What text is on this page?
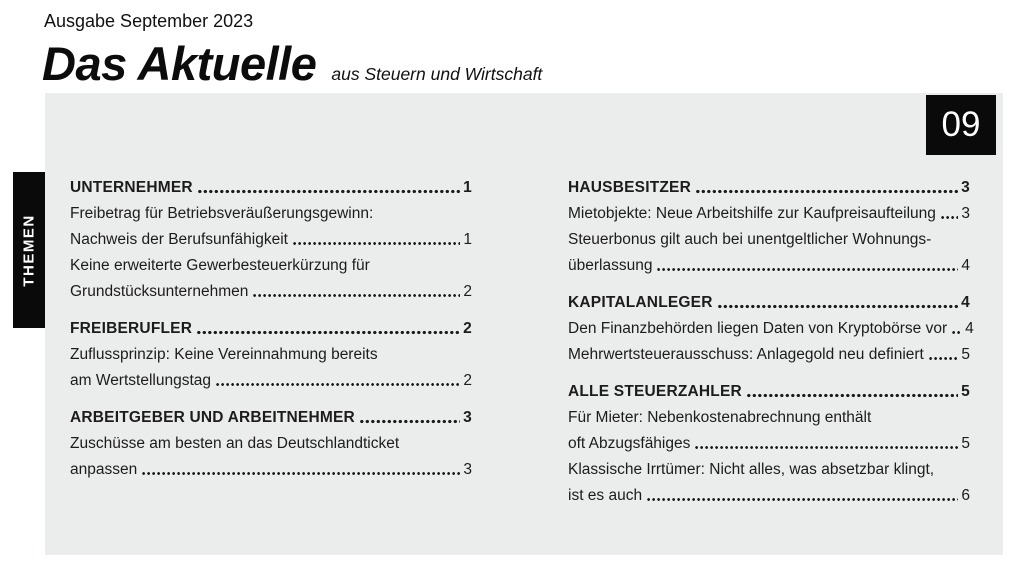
Ausgabe September 2023
Das Aktuelle aus Steuern und Wirtschaft
UNTERNEHMER	1
Freibetrag für Betriebsveräußerungsgewinn:
Nachweis der Berufsunfähigkeit	1
Keine erweiterte Gewerbesteuerkürzung für
Grundstücksunternehmen	2
FREIBERUFLER	2
Zuflussprinzip: Keine Vereinnahmung bereits
am Wertstellungstag	2
ARBEITGEBER UND ARBEITNEHMER	3
Zuschüsse am besten an das Deutschlandticket
anpassen	3
HAUSBESITZER	3
Mietobjekte: Neue Arbeitshilfe zur Kaufpreisaufteilung 3
Steuerbonus gilt auch bei unentgeltlicher Wohnungs-
überlassung	4
KAPITALANLEGER	4
Den Finanzbehörden liegen Daten von Kryptobörse vor 4
Mehrwertsteuerausschuss: Anlagegold neu definiert 5
ALLE STEUERZAHLER	5
Für Mieter: Nebenkostenabrechnung enthält
oft Abzugsfähiges	5
Klassische Irrtümer: Nicht alles, was absetzbar klingt,
ist es auch	6
09
THEMEN
